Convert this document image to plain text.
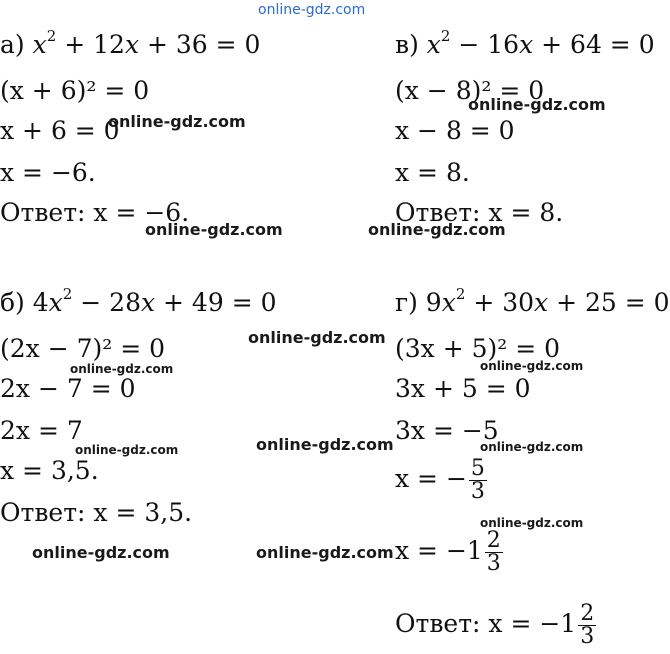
online-gdz.com
а) $x^2 + 12x + 36 = 0$
(x + 6)² = 0
x + 6 = 0
x = −6.
Ответ: x = −6.
в) $x^2 - 16x + 64 = 0$
(x − 8)² = 0
x − 8 = 0
x = 8.
Ответ: x = 8.
б) $4x^2 - 28x + 49 = 0$
(2x − 7)² = 0
2x − 7 = 0
2x = 7
x = 3,5.
Ответ: x = 3,5.
г) $9x^2 + 30x + 25 = 0$
(3x + 5)² = 0
3x + 5 = 0
3x = −5
x = − $\frac{5}{3}$
$x = -1 \frac{2}{3}$
Ответ: $x = -1 \frac{2}{3}$
online-gdz.com
online-gdz.com
online-gdz.com	online-gdz.com
online-gdz.com
online-gdz.com	online-gdz.com
online-gdz.com
online-gdz.com	online-gdz.com
online-gdz.com
online-gdz.com	online-gdz.com
